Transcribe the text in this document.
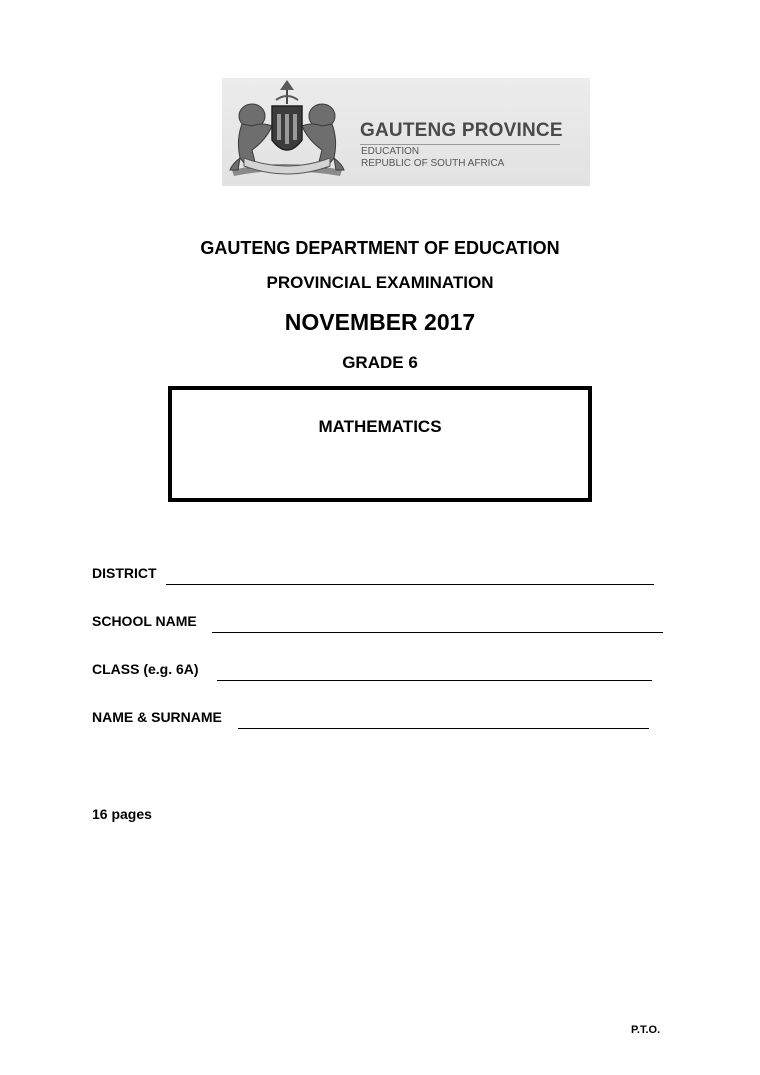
GAUTENG PROVINCE
EDUCATION
REPUBLIC OF SOUTH AFRICA
GAUTENG DEPARTMENT OF EDUCATION
PROVINCIAL EXAMINATION
NOVEMBER 2017
GRADE 6
MATHEMATICS
DISTRICT
SCHOOL NAME
CLASS (e.g. 6A)
NAME & SURNAME
16 pages
P.T.O.
